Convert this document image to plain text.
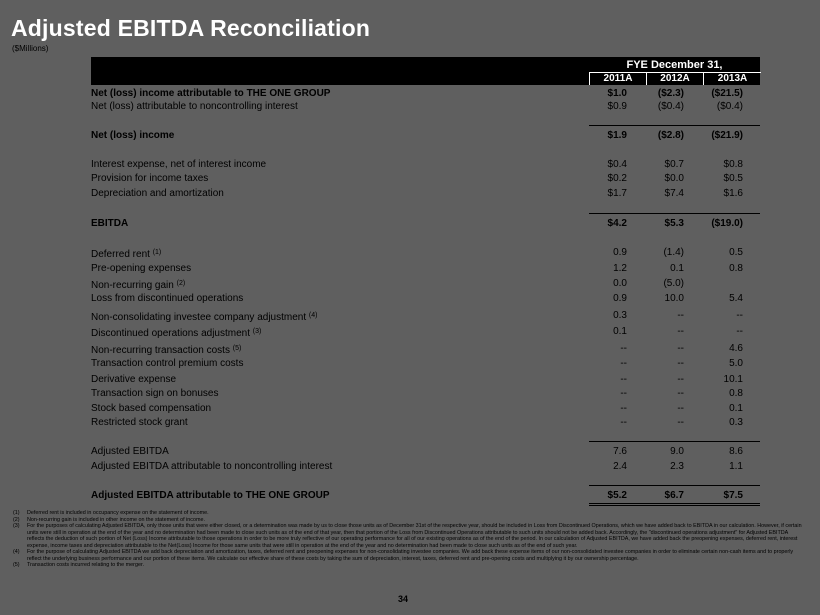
Adjusted EBITDA Reconciliation
($Millions)
FYE December 31,
2011A	2012A	2013A
Net (loss) income attributable to THE ONE GROUP	$1.0	($2.3)	($21.5)
Net (loss) attributable to noncontrolling interest	$0.9	($0.4)	($0.4)
Net (loss) income	$1.9	($2.8)	($21.9)
Interest expense, net of interest income	$0.4	$0.7	$0.8
Provision for income taxes	$0.2	$0.0	$0.5
Depreciation and amortization	$1.7	$7.4	$1.6
EBITDA	$4.2	$5.3	($19.0)
Deferred rent $^{(1)}$	0.9	(1.4)	0.5
Pre-opening expenses	1.2	0.1	0.8
Non-recurring gain $^{(2)}$	0.0	(5.0)
Loss from discontinued operations	0.9	10.0	5.4
Non-consolidating investee company adjustment $^{(4)}$	0.3	--	--
Discontinued operations adjustment $^{(3)}$	0.1	--	--
Non-recurring transaction costs $^{(5)}$	--	--	4.6
Transaction control premium costs	--	--	5.0
Derivative expense	--	--	10.1
Transaction sign on bonuses	--	--	0.8
Stock based compensation	--	--	0.1
Restricted stock grant	--	--	0.3
Adjusted EBITDA	7.6	9.0	8.6
Adjusted EBITDA attributable to noncontrolling interest	2.4	2.3	1.1
Adjusted EBITDA attributable to THE ONE GROUP	$5.2	$6.7	$7.5
(1) Deferred rent is included in occupancy expense on the statement of income.
(2) Non-recurring gain is included in other income on the statement of income.
(3) For the purposes of calculating Adjusted EBITDA, only those units that were either closed, or a determination was made by us to close those units as of December 31st of the respective year, should be included in Loss from Discontinued Operations, which we have added back to EBITDA in our calculation. However, if certain units were still in operation at the end of the year and no determination had been made to close such units as of the end of that year, then that portion of the Loss from Discontinued Operations attributable to such units should not be added back. Accordingly, the "discontinued operations adjustment" for Adjusted EBITDA reflects the deduction of such portion of Net (Loss) Income attributable to those operations in order to be more truly reflective of our operating performance for all of our existing operations as of the end of the period. In our calculation of Adjusted EBITDA, we have added back the preopening expenses, deferred rent, interest expense, income taxes and depreciation attributable to the Net(Loss) Income for those same units that were still in operation at the end of the year and no determination had been made to close such units as of the end of such year.
(4) For the purpose of calculating Adjusted EBITDA we add back depreciation and amortization, taxes, deferred rent and preopening expenses for non-consolidating investee companies. We add back these expense items of our non-consolidated investee companies in order to eliminate certain non-cash items and to properly reflect the underlying business performance and our portion of these items. We calculate our effective share of these costs by taking the sum of depreciation, interest, taxes, deferred rent and pre-opening costs and multiplying it by our ownership percentage.
(5) Transaction costs incurred relating to the merger.
34
